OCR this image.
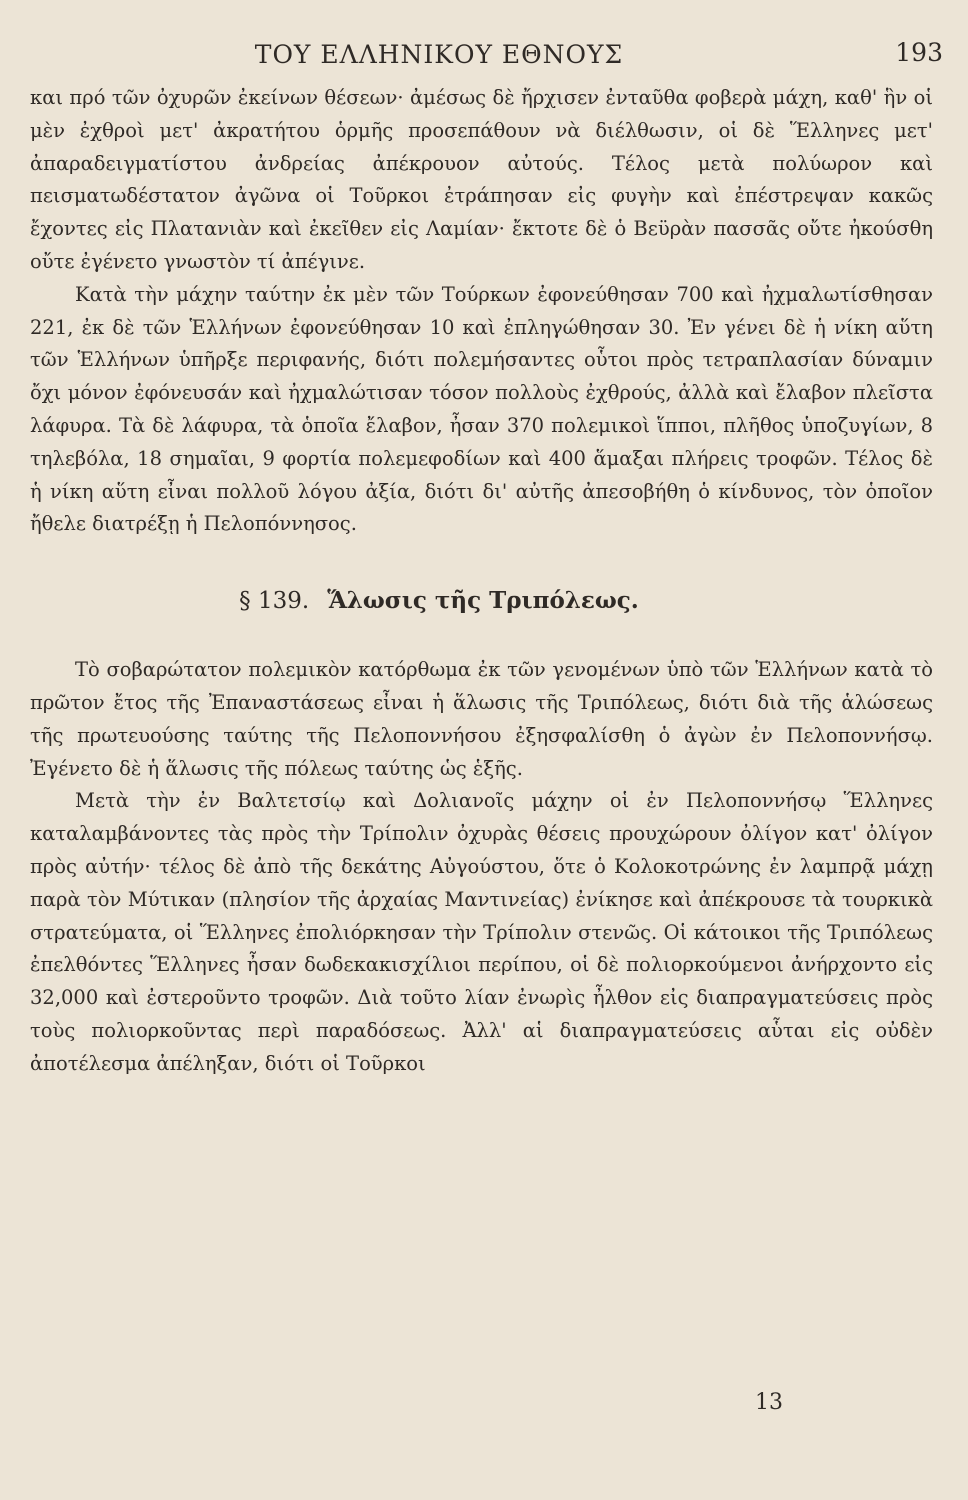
ΤΟΥ ΕΛΛΗΝΙΚΟΥ ΕΘΝΟΥΣ	193

και πρό τῶν ὀχυρῶν ἐκείνων θέσεων· ἀμέσως δὲ ἤρχισεν ἐνταῦθα φοβερὰ μάχη, καθ' ἣν οἱ μὲν ἐχθροὶ μετ' ἀκρατήτου ὁρμῆς προσεπάθουν νὰ διέλθωσιν, οἱ δὲ Ἕλληνες μετ' ἀπαραδειγματίστου ἀνδρείας ἀπέκρουον αὐτούς. Τέλος μετὰ πολύωρον καὶ πεισματωδέστατον ἀγῶνα οἱ Τοῦρκοι ἐτράπησαν εἰς φυγὴν καὶ ἐπέστρεψαν κακῶς ἔχοντες εἰς Πλατανιὰν καὶ ἐκεῖθεν εἰς Λαμίαν· ἔκτοτε δὲ ὁ Βεϋρὰν πασσᾶς οὔτε ἠκούσθη οὔτε ἐγένετο γνωστὸν τί ἀπέγινε.

Κατὰ τὴν μάχην ταύτην ἐκ μὲν τῶν Τούρκων ἐφονεύθησαν 700 καὶ ἠχμαλωτίσθησαν 221, ἐκ δὲ τῶν Ἑλλήνων ἐφονεύθησαν 10 καὶ ἐπληγώθησαν 30. Ἐν γένει δὲ ἡ νίκη αὕτη τῶν Ἑλλήνων ὑπῆρξε περιφανής, διότι πολεμήσαντες οὗτοι πρὸς τετραπλασίαν δύναμιν ὄχι μόνον ἐφόνευσάν καὶ ἠχμαλώτισαν τόσον πολλοὺς ἐχθρούς, ἀλλὰ καὶ ἔλαβον πλεῖστα λάφυρα. Τὰ δὲ λάφυρα, τὰ ὁποῖα ἔλαβον, ἦσαν 370 πολεμικοὶ ἵπποι, πλῆθος ὑποζυγίων, 8 τηλεβόλα, 18 σημαῖαι, 9 φορτία πολεμεφοδίων καὶ 400 ἅμαξαι πλήρεις τροφῶν. Τέλος δὲ ἡ νίκη αὕτη εἶναι πολλοῦ λόγου ἀξία, διότι δι' αὐτῆς ἀπεσοβήθη ὁ κίνδυνος, τὸν ὁποῖον ἤθελε διατρέξῃ ἡ Πελοπόννησος.

§ 139. Ἅλωσις τῆς Τριπόλεως.

Τὸ σοβαρώτατον πολεμικὸν κατόρθωμα ἐκ τῶν γενομένων ὑπὸ τῶν Ἑλλήνων κατὰ τὸ πρῶτον ἔτος τῆς Ἐπαναστάσεως εἶναι ἡ ἅλωσις τῆς Τριπόλεως, διότι διὰ τῆς ἁλώσεως τῆς πρωτευούσης ταύτης τῆς Πελοποννήσου ἐξησφαλίσθη ὁ ἀγὼν ἐν Πελοποννήσῳ. Ἐγένετο δὲ ἡ ἅλωσις τῆς πόλεως ταύτης ὡς ἑξῆς.

Μετὰ τὴν ἐν Βαλτετσίῳ καὶ Δολιανοῖς μάχην οἱ ἐν Πελοποννήσῳ Ἕλληνες καταλαμβάνοντες τὰς πρὸς τὴν Τρίπολιν ὀχυρὰς θέσεις προυχώρουν ὀλίγον κατ' ὀλίγον πρὸς αὐτήν· τέλος δὲ ἀπὸ τῆς δεκάτης Αὐγούστου, ὅτε ὁ Κολοκοτρώνης ἐν λαμπρᾷ μάχῃ παρὰ τὸν Μύτικαν (πλησίον τῆς ἀρχαίας Μαντινείας) ἐνίκησε καὶ ἀπέκρουσε τὰ τουρκικὰ στρατεύματα, οἱ Ἕλληνες ἐπολιόρκησαν τὴν Τρίπολιν στενῶς. Οἱ κάτοικοι τῆς Τριπόλεως ἐπελθόντες Ἕλληνες ἦσαν δωδεκακισχίλιοι περίπου, οἱ δὲ πολιορκούμενοι ἀνήρχοντο εἰς 32,000 καὶ ἐστεροῦντο τροφῶν. Διὰ τοῦτο λίαν ἐνωρὶς ἦλθον εἰς διαπραγματεύσεις πρὸς τοὺς πολιορκοῦντας περὶ παραδόσεως. Ἀλλ' αἱ διαπραγματεύσεις αὗται εἰς οὐδὲν ἀποτέλεσμα ἀπέληξαν, διότι οἱ Τοῦρκοι

13
